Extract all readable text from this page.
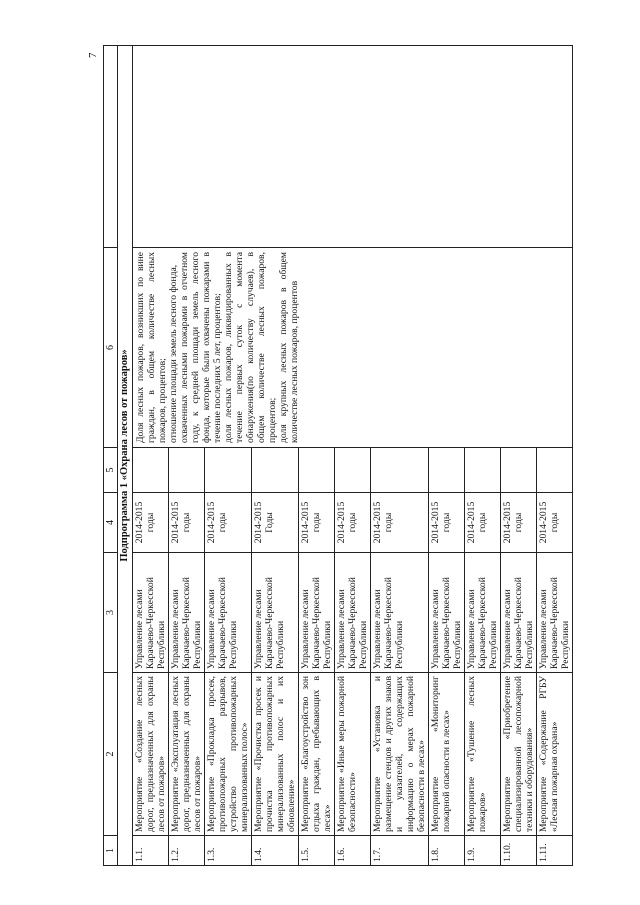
7
1	2	3	4	5	6	
Подпрограмма 1 «Охрана лесов от пожаров»						
1.1.	Мероприятие «Создание лесных дорог, предназначенных для охраны лесов от пожаров»	Управление лесами Карачаево-Черкесской Республики	2014-2015 годы		Доля лесных пожаров, возникших по вине граждан, в общем количестве лесных пожаров, процентов; отношение площади земель лесного фонда, охваченных лесными пожарами в отчетном году, к средней площади земель лесного фонда, которые были охвачены пожарами в течение последних 5 лет, процентов; доля лесных пожаров, ликвидированных в течение первых суток с момента обнаружения(по количеству случаев), в общем количестве лесных пожаров, процентов; доля крупных лесных пожаров в общем количестве лесных пожаров, процентов	

1.2.	Мероприятие «Эксплуатация лесных дорог, предназначенных для охраны лесов от пожаров»	Управление лесами Карачаево-Черкесской Республики	2014-2015 годы			
1.3.	Мероприятие «Прокладка просек, противопожарных разрывов, устройство противопожарных минерализованных полос»	Управление лесами Карачаево-Черкесской Республики	2014-2015 годы			
1.4.	Мероприятие «Прочистка просек и прочистка противопожарных минерализованных полос и их обновление»	Управление лесами Карачаево-Черкесской Республики	2014-2015 Годы			
1.5.	Мероприятие «Благоустройство зон отдыха граждан, пребывающих в лесах»	Управление лесами Карачаево-Черкесской Республики	2014-2015 годы			
1.6.	Мероприятие «Иные меры пожарной безопасности»	Управление лесами Карачаево-Черкесской Республики	2014-2015 годы			
1.7.	Мероприятие «Установка и размещение стендов и других знаков и указателей, содержащих информацию о мерах пожарной безопасности в лесах»	Управление лесами Карачаево-Черкесской Республики	2014-2015 годы			
1.8.	Мероприятие «Мониторинг пожарной опасности в лесах»	Управление лесами Карачаево-Черкесской Республики	2014-2015 годы			
1.9.	Мероприятие «Тушение лесных пожаров»	Управление лесами Карачаево-Черкесской Республики	2014-2015 годы			
1.10.	Мероприятие «Приобретение специализированной лесопожарной техники и оборудования»	Управление лесами Карачаево-Черкесской Республики	2014-2015 годы			
1.11.	Мероприятие «Содержание РГБУ «Лесная пожарная охрана»	Управление лесами Карачаево-Черкесской Республики	2014-2015 годы			
